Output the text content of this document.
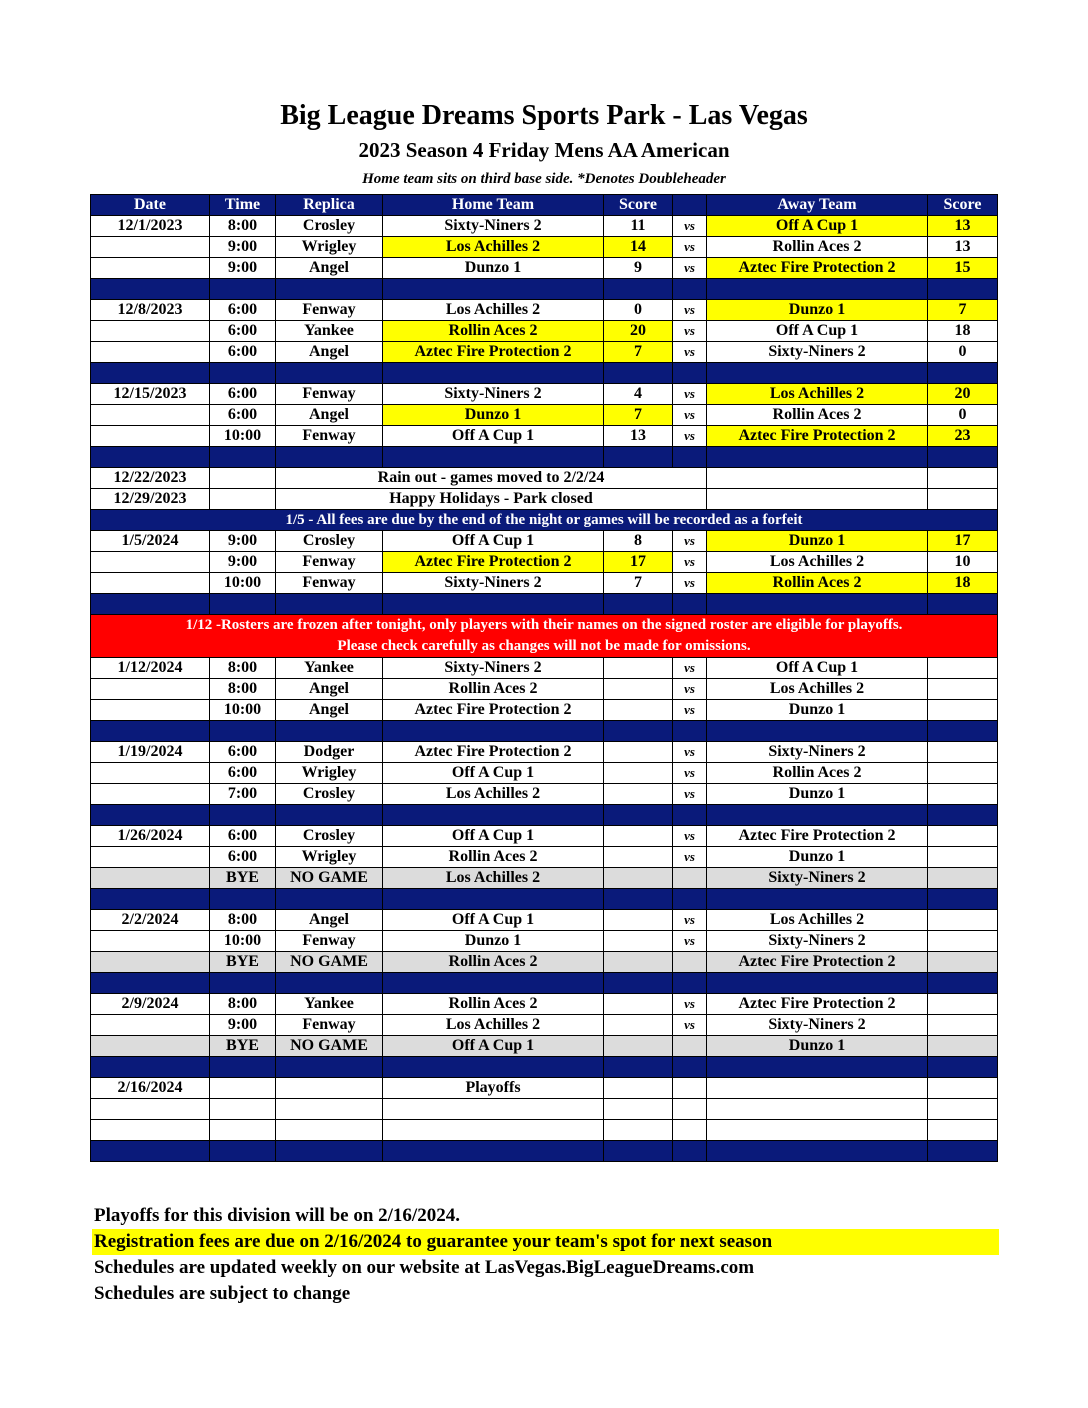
Big League Dreams Sports Park - Las Vegas
2023 Season 4 Friday Mens AA American
Home team sits on third base side. *Denotes Doubleheader
Date	Time	Replica	Home Team	Score		Away Team	Score
12/1/2023	8:00	Crosley	Sixty-Niners 2	11	vs	Off A Cup 1	13
	9:00	Wrigley	Los Achilles 2	14	vs	Rollin Aces 2	13
	9:00	Angel	Dunzo 1	9	vs	Aztec Fire Protection 2	15

12/8/2023	6:00	Fenway	Los Achilles 2	0	vs	Dunzo 1	7
	6:00	Yankee	Rollin Aces 2	20	vs	Off A Cup 1	18
	6:00	Angel	Aztec Fire Protection 2	7	vs	Sixty-Niners 2	0

12/15/2023	6:00	Fenway	Sixty-Niners 2	4	vs	Los Achilles 2	20
	6:00	Angel	Dunzo 1	7	vs	Rollin Aces 2	0
	10:00	Fenway	Off A Cup 1	13	vs	Aztec Fire Protection 2	23

12/22/2023		Rain out - games moved to 2/2/24					
12/29/2023		Happy Holidays - Park closed					
1/5 - All fees are due by the end of the night or games will be recorded as a forfeit							
1/5/2024	9:00	Crosley	Off A Cup 1	8	vs	Dunzo 1	17
	9:00	Fenway	Aztec Fire Protection 2	17	vs	Los Achilles 2	10
	10:00	Fenway	Sixty-Niners 2	7	vs	Rollin Aces 2	18

1/12 -Rosters are frozen after tonight, only players with their names on the signed roster are eligible for playoffs.
Please check carefully as changes will not be made for omissions.							
1/12/2024	8:00	Yankee	Sixty-Niners 2		vs	Off A Cup 1	
	8:00	Angel	Rollin Aces 2		vs	Los Achilles 2	
	10:00	Angel	Aztec Fire Protection 2		vs	Dunzo 1	

1/19/2024	6:00	Dodger	Aztec Fire Protection 2		vs	Sixty-Niners 2	
	6:00	Wrigley	Off A Cup 1		vs	Rollin Aces 2	
	7:00	Crosley	Los Achilles 2		vs	Dunzo 1	

1/26/2024	6:00	Crosley	Off A Cup 1		vs	Aztec Fire Protection 2	
	6:00	Wrigley	Rollin Aces 2		vs	Dunzo 1	
	BYE	NO GAME	Los Achilles 2			Sixty-Niners 2	

2/2/2024	8:00	Angel	Off A Cup 1		vs	Los Achilles 2	
	10:00	Fenway	Dunzo 1		vs	Sixty-Niners 2	
	BYE	NO GAME	Rollin Aces 2			Aztec Fire Protection 2	

2/9/2024	8:00	Yankee	Rollin Aces 2		vs	Aztec Fire Protection 2	
	9:00	Fenway	Los Achilles 2		vs	Sixty-Niners 2	
	BYE	NO GAME	Off A Cup 1			Dunzo 1	

2/16/2024			Playoffs				

Playoffs for this division will be on 2/16/2024.
Registration fees are due on 2/16/2024 to guarantee your team's spot for next season
Schedules are updated weekly on our website at LasVegas.BigLeagueDreams.com
Schedules are subject to change
